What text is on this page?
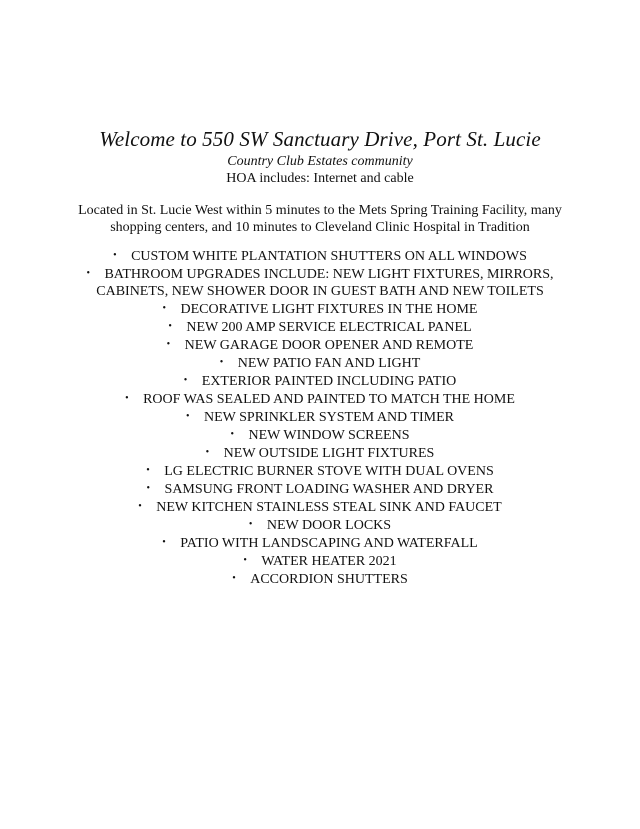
Welcome to 550 SW Sanctuary Drive, Port St. Lucie
Country Club Estates community
HOA includes: Internet and cable
Located in St. Lucie West within 5 minutes to the Mets Spring Training Facility, many shopping centers, and 10 minutes to Cleveland Clinic Hospital in Tradition
• CUSTOM WHITE PLANTATION SHUTTERS ON ALL WINDOWS
• BATHROOM UPGRADES INCLUDE: NEW LIGHT FIXTURES, MIRRORS,
CABINETS, NEW SHOWER DOOR IN GUEST BATH AND NEW TOILETS
• DECORATIVE LIGHT FIXTURES IN THE HOME
• NEW 200 AMP SERVICE ELECTRICAL PANEL
• NEW GARAGE DOOR OPENER AND REMOTE
• NEW PATIO FAN AND LIGHT
• EXTERIOR PAINTED INCLUDING PATIO
• ROOF WAS SEALED AND PAINTED TO MATCH THE HOME
• NEW SPRINKLER SYSTEM AND TIMER
• NEW WINDOW SCREENS
• NEW OUTSIDE LIGHT FIXTURES
• LG ELECTRIC BURNER STOVE WITH DUAL OVENS
• SAMSUNG FRONT LOADING WASHER AND DRYER
• NEW KITCHEN STAINLESS STEAL SINK AND FAUCET
• NEW DOOR LOCKS
• PATIO WITH LANDSCAPING AND WATERFALL
• WATER HEATER 2021
• ACCORDION SHUTTERS
